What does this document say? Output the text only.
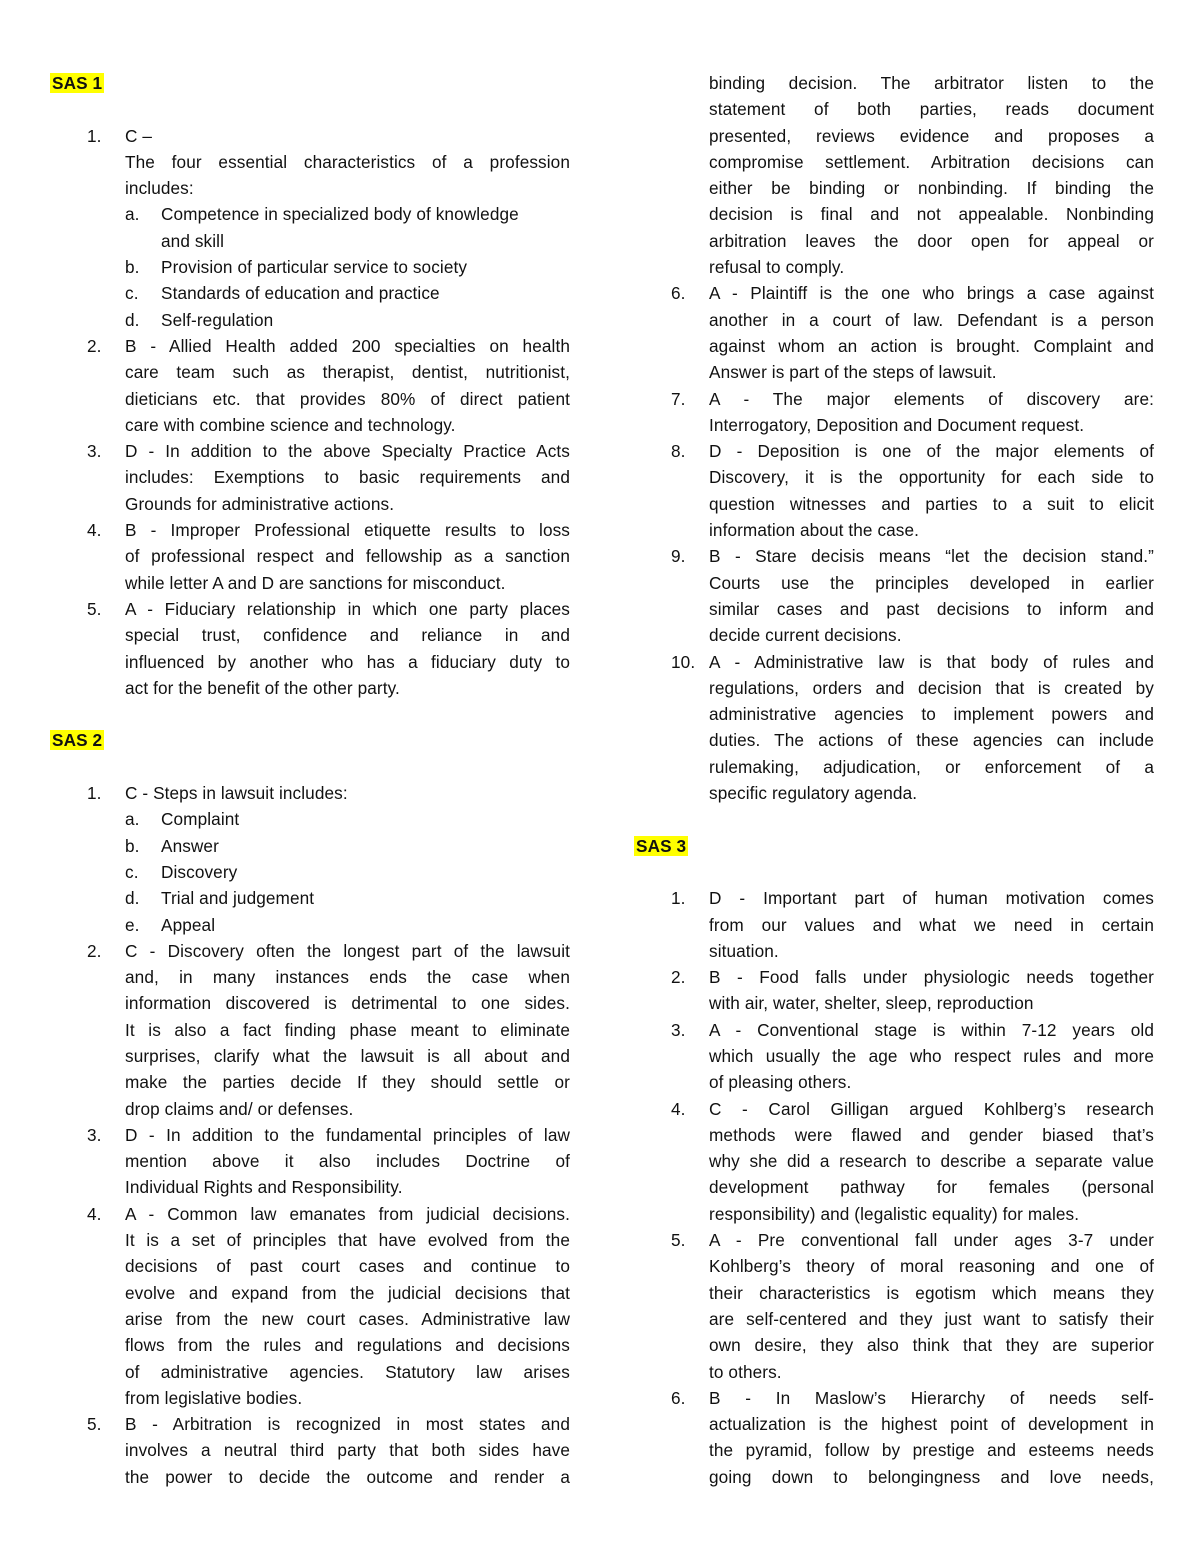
SAS 1
1.	C –
The four essential characteristics of a profession
includes:
a.	Competence in specialized body of knowledge
and skill
b.	Provision of particular service to society
c.	Standards of education and practice
d.	Self-regulation
2.	B - Allied Health added 200 specialties on health
care team such as therapist, dentist, nutritionist,
dieticians etc. that provides 80% of direct patient
care with combine science and technology.
3.	D - In addition to the above Specialty Practice Acts
includes: Exemptions to basic requirements and
Grounds for administrative actions.
4.	B - Improper Professional etiquette results to loss
of professional respect and fellowship as a sanction
while letter A and D are sanctions for misconduct.
5.	A - Fiduciary relationship in which one party places
special trust, confidence and reliance in and
influenced by another who has a fiduciary duty to
act for the benefit of the other party.
SAS 2
1.	C - Steps in lawsuit includes:
a.	Complaint
b.	Answer
c.	Discovery
d.	Trial and judgement
e.	Appeal
2.	C - Discovery often the longest part of the lawsuit
and, in many instances ends the case when
information discovered is detrimental to one sides.
It is also a fact finding phase meant to eliminate
surprises, clarify what the lawsuit is all about and
make the parties decide If they should settle or
drop claims and/ or defenses.
3.	D - In addition to the fundamental principles of law
mention above it also includes Doctrine of
Individual Rights and Responsibility.
4.	A - Common law emanates from judicial decisions.
It is a set of principles that have evolved from the
decisions of past court cases and continue to
evolve and expand from the judicial decisions that
arise from the new court cases. Administrative law
flows from the rules and regulations and decisions
of administrative agencies. Statutory law arises
from legislative bodies.
5.	B - Arbitration is recognized in most states and
involves a neutral third party that both sides have
the power to decide the outcome and render a
binding decision. The arbitrator listen to the
statement of both parties, reads document
presented, reviews evidence and proposes a
compromise settlement. Arbitration decisions can
either be binding or nonbinding. If binding the
decision is final and not appealable. Nonbinding
arbitration leaves the door open for appeal or
refusal to comply.
6.	A - Plaintiff is the one who brings a case against
another in a court of law. Defendant is a person
against whom an action is brought. Complaint and
Answer is part of the steps of lawsuit.
7.	A - The major elements of discovery are:
Interrogatory, Deposition and Document request.
8.	D - Deposition is one of the major elements of
Discovery, it is the opportunity for each side to
question witnesses and parties to a suit to elicit
information about the case.
9.	B - Stare decisis means “let the decision stand.”
Courts use the principles developed in earlier
similar cases and past decisions to inform and
decide current decisions.
10. A - Administrative law is that body of rules and
regulations, orders and decision that is created by
administrative agencies to implement powers and
duties. The actions of these agencies can include
rulemaking, adjudication, or enforcement of a
specific regulatory agenda.
SAS 3
1.	D - Important part of human motivation comes
from our values and what we need in certain
situation.
2.	B - Food falls under physiologic needs together
with air, water, shelter, sleep, reproduction
3.	A - Conventional stage is within 7-12 years old
which usually the age who respect rules and more
of pleasing others.
4.	C - Carol Gilligan argued Kohlberg’s research
methods were flawed and gender biased that’s
why she did a research to describe a separate value
development pathway for females (personal
responsibility) and (legalistic equality) for males.
5.	A - Pre conventional fall under ages 3-7 under
Kohlberg’s theory of moral reasoning and one of
their characteristics is egotism which means they
are self-centered and they just want to satisfy their
own desire, they also think that they are superior
to others.
6.	B - In Maslow’s Hierarchy of needs self-
actualization is the highest point of development in
the pyramid, follow by prestige and esteems needs
going down to belongingness and love needs,
